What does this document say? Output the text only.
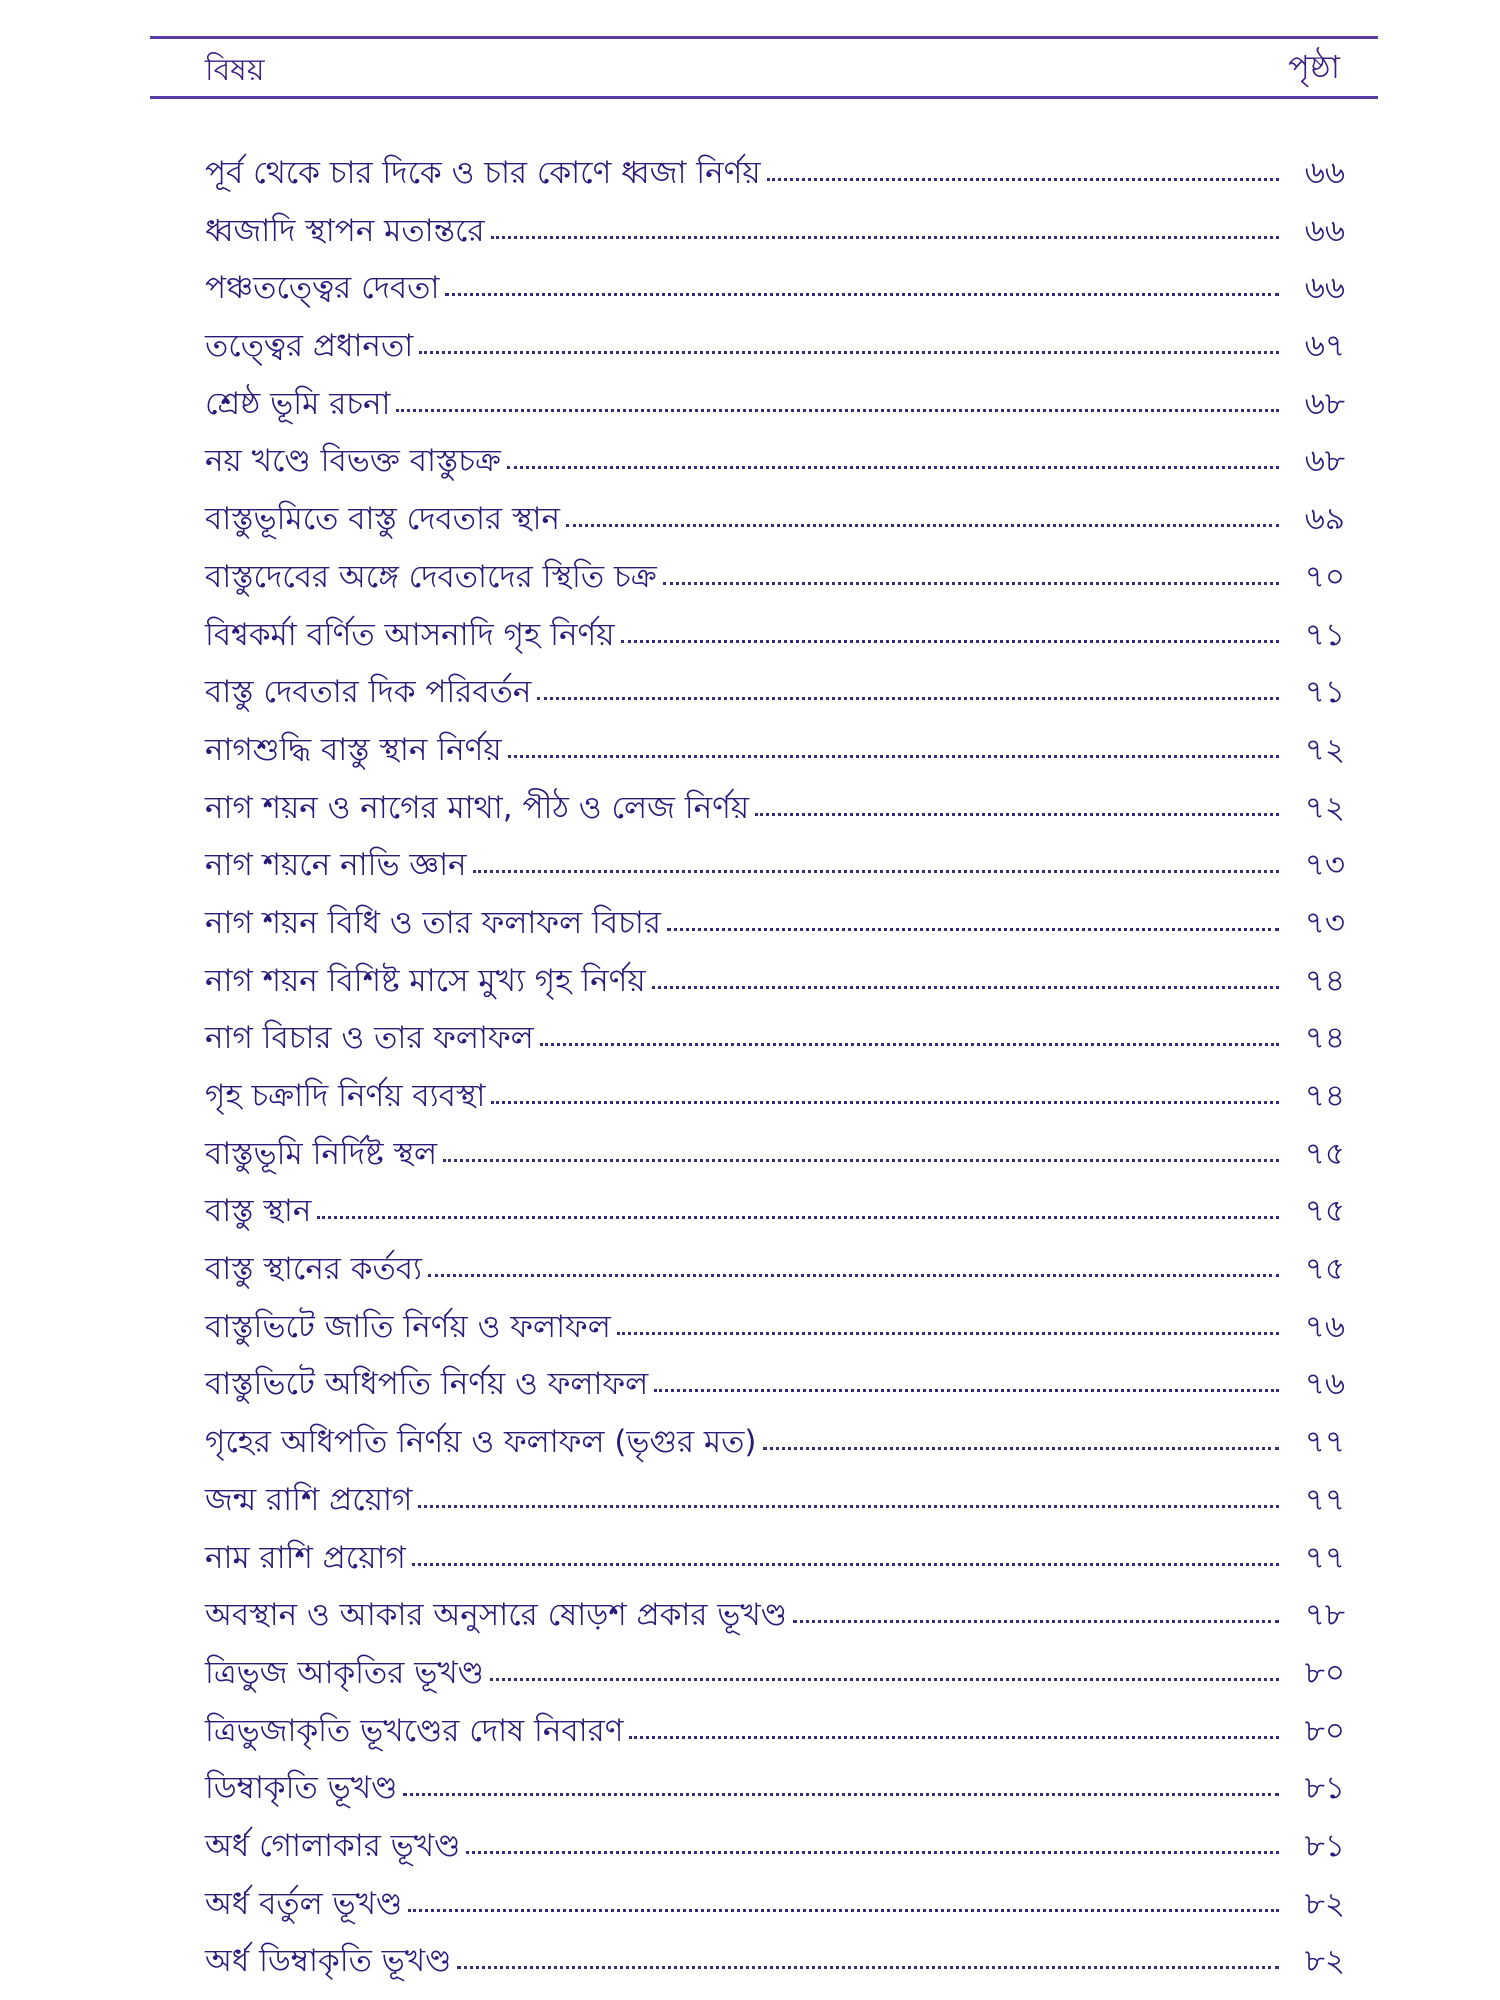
বিষয়	পৃষ্ঠা
পূর্ব থেকে চার দিকে ও চার কোণে ধ্বজা নির্ণয়	৬৬
ধ্বজাদি স্থাপন মতান্তরে	৬৬
পঞ্চতত্ত্বের দেবতা	৬৬
তত্ত্বের প্রধানতা	৬৭
শ্রেষ্ঠ ভূমি রচনা	৬৮
নয় খণ্ডে বিভক্ত বাস্তুচক্র	৬৮
বাস্তুভূমিতে বাস্তু দেবতার স্থান	৬৯
বাস্তুদেবের অঙ্গে দেবতাদের স্থিতি চক্র	৭০
বিশ্বকর্মা বর্ণিত আসনাদি গৃহ নির্ণয়	৭১
বাস্তু দেবতার দিক পরিবর্তন	৭১
নাগশুদ্ধি বাস্তু স্থান নির্ণয়	৭২
নাগ শয়ন ও নাগের মাথা, পীঠ ও লেজ নির্ণয়	৭২
নাগ শয়নে নাভি জ্ঞান	৭৩
নাগ শয়ন বিধি ও তার ফলাফল বিচার	৭৩
নাগ শয়ন বিশিষ্ট মাসে মুখ্য গৃহ নির্ণয়	৭৪
নাগ বিচার ও তার ফলাফল	৭৪
গৃহ চক্রাদি নির্ণয় ব্যবস্থা	৭৪
বাস্তুভূমি নির্দিষ্ট স্থল	৭৫
বাস্তু স্থান	৭৫
বাস্তু স্থানের কর্তব্য	৭৫
বাস্তুভিটে জাতি নির্ণয় ও ফলাফল	৭৬
বাস্তুভিটে অধিপতি নির্ণয় ও ফলাফল	৭৬
গৃহের অধিপতি নির্ণয় ও ফলাফল (ভৃগুর মত)	৭৭
জন্ম রাশি প্রয়োগ	৭৭
নাম রাশি প্রয়োগ	৭৭
অবস্থান ও আকার অনুসারে ষোড়শ প্রকার ভূখণ্ড	৭৮
ত্রিভুজ আকৃতির ভূখণ্ড	৮০
ত্রিভুজাকৃতি ভূখণ্ডের দোষ নিবারণ	৮০
ডিম্বাকৃতি ভূখণ্ড	৮১
অর্ধ গোলাকার ভূখণ্ড	৮১
অর্ধ বর্তুল ভূখণ্ড	৮২
অর্ধ ডিম্বাকৃতি ভূখণ্ড	৮২
